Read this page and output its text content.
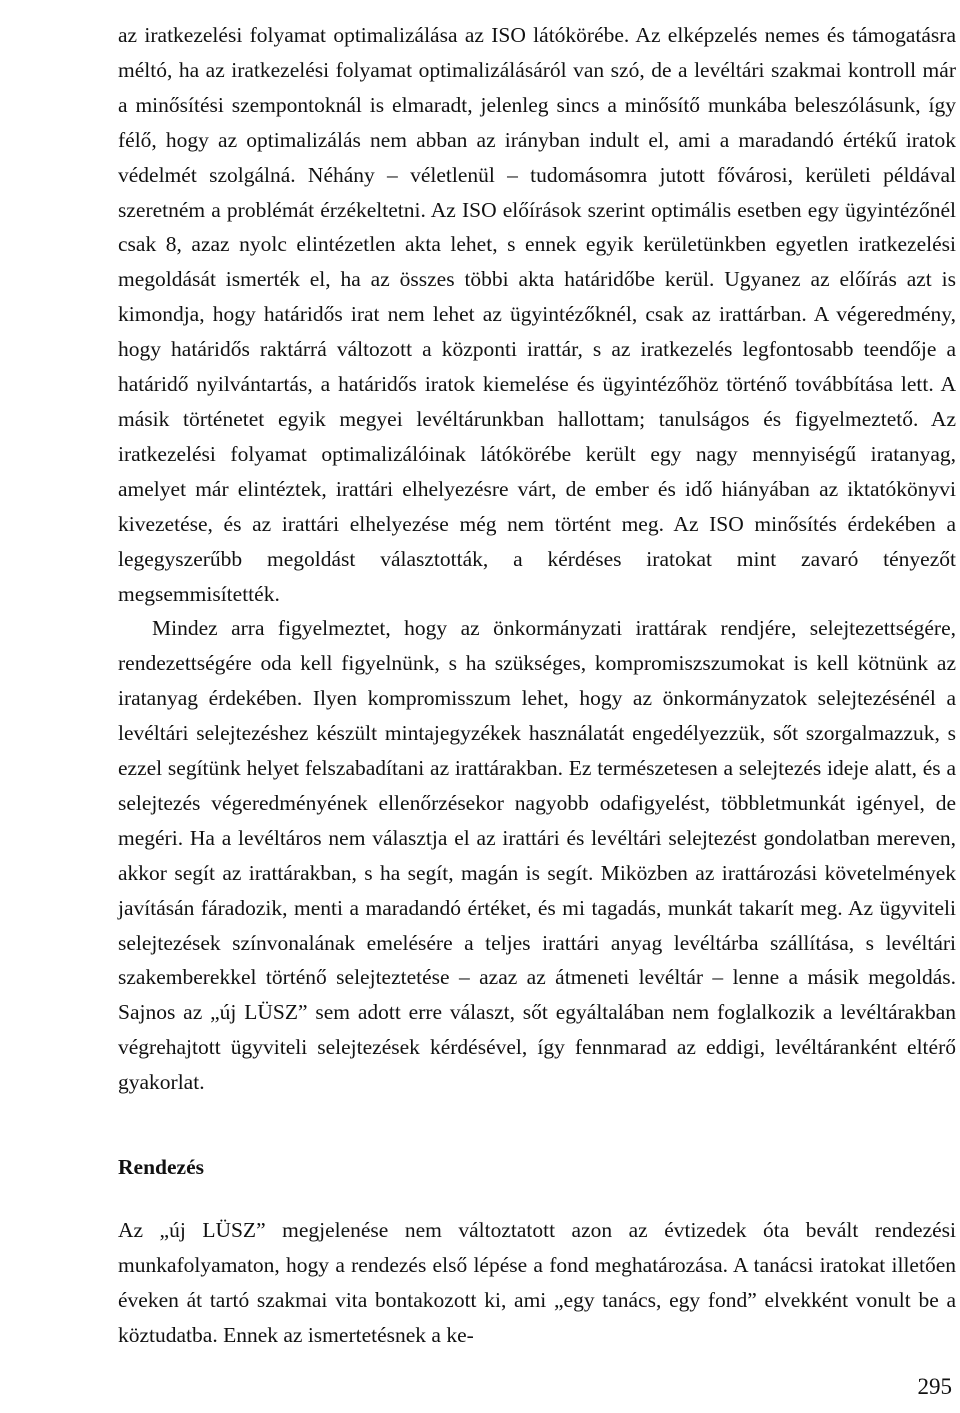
az iratkezelési folyamat optimalizálása az ISO látókörébe. Az elképzelés nemes és támogatásra méltó, ha az iratkezelési folyamat optimalizálásáról van szó, de a levéltári szakmai kontroll már a minősítési szempontoknál is elmaradt, jelenleg sincs a minősítő munkába beleszólásunk, így félő, hogy az optimalizálás nem abban az irányban indult el, ami a maradandó értékű iratok védelmét szolgálná. Néhány – véletlenül – tudomásomra jutott fővárosi, kerületi példával szeretném a problémát érzékeltetni. Az ISO előírások szerint optimális esetben egy ügyintézőnél csak 8, azaz nyolc elintézetlen akta lehet, s ennek egyik kerületünkben egyetlen iratkezelési megoldását ismerték el, ha az összes többi akta határidőbe kerül. Ugyanez az előírás azt is kimondja, hogy határidős irat nem lehet az ügyintézőknél, csak az irattárban. A végeredmény, hogy határidős raktárrá változott a központi irattár, s az iratkezelés legfontosabb teendője a határidő nyilvántartás, a határidős iratok kiemelése és ügyintézőhöz történő továbbítása lett. A másik történetet egyik megyei levéltárunkban hallottam; tanulságos és figyelmeztető. Az iratkezelési folyamat optimalizálóinak látókörébe került egy nagy mennyiségű iratanyag, amelyet már elintéztek, irattári elhelyezésre várt, de ember és idő hiányában az iktatókönyvi kivezetése, és az irattári elhelyezése még nem történt meg. Az ISO minősítés érdekében a legegyszerűbb megoldást választották, a kérdéses iratokat mint zavaró tényezőt megsemmisítették.

Mindez arra figyelmeztet, hogy az önkormányzati irattárak rendjére, selejtezettségére, rendezettségére oda kell figyelnünk, s ha szükséges, kompromiszszumokat is kell kötnünk az iratanyag érdekében. Ilyen kompromisszum lehet, hogy az önkormányzatok selejtezésénél a levéltári selejtezéshez készült mintajegyzékek használatát engedélyezzük, sőt szorgalmazzuk, s ezzel segítünk helyet felszabadítani az irattárakban. Ez természetesen a selejtezés ideje alatt, és a selejtezés végeredményének ellenőrzésekor nagyobb odafigyelést, többletmunkát igényel, de megéri. Ha a levéltáros nem választja el az irattári és levéltári selejtezést gondolatban mereven, akkor segít az irattárakban, s ha segít, magán is segít. Miközben az irattározási követelmények javításán fáradozik, menti a maradandó értéket, és mi tagadás, munkát takarít meg. Az ügyviteli selejtezések színvonalának emelésére a teljes irattári anyag levéltárba szállítása, s levéltári szakemberekkel történő selejteztetése – azaz az átmeneti levéltár – lenne a másik megoldás. Sajnos az „új LÜSZ” sem adott erre választ, sőt egyáltalában nem foglalkozik a levéltárakban végrehajtott ügyviteli selejtezések kérdésével, így fennmarad az eddigi, levéltáranként eltérő gyakorlat.

Rendezés

Az „új LÜSZ” megjelenése nem változtatott azon az évtizedek óta bevált rendezési munkafolyamaton, hogy a rendezés első lépése a fond meghatározása. A tanácsi iratokat illetően éveken át tartó szakmai vita bontakozott ki, ami „egy tanács, egy fond” elvekként vonult be a köztudatba. Ennek az ismertetésnek a ke-

295
